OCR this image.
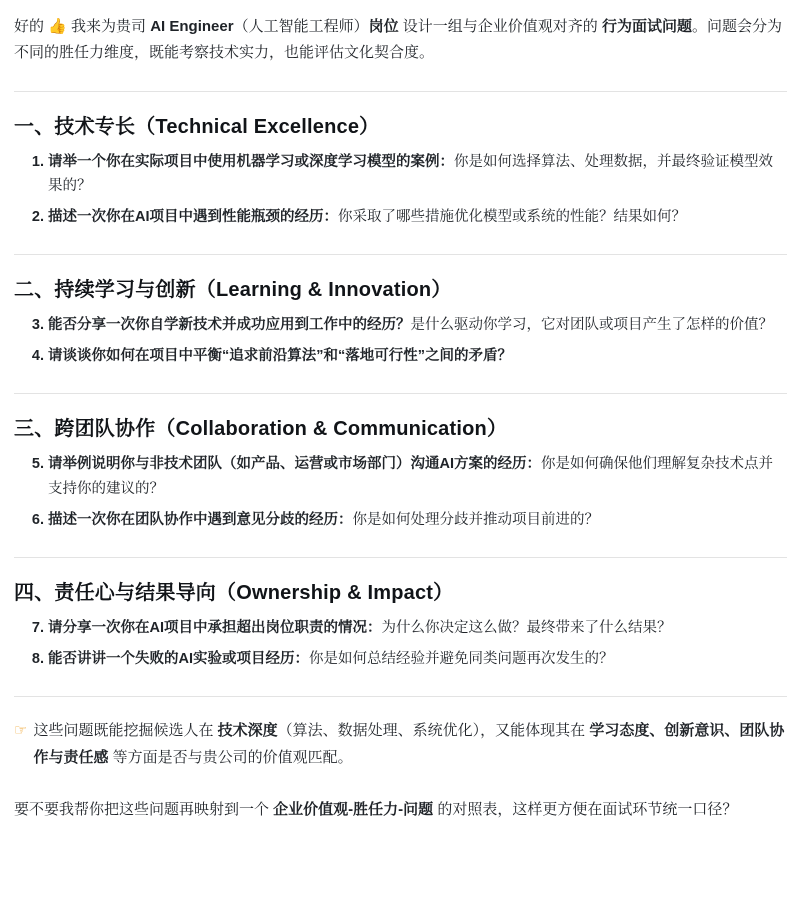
好的 👍 我来为贵司 AI Engineer（人工智能工程师）岗位 设计一组与企业价值观对齐的 行为面试问题。问题会分为不同的胜任力维度，既能考察技术实力，也能评估文化契合度。

一、技术专长（Technical Excellence）
1. 请举一个你在实际项目中使用机器学习或深度学习模型的案例：你是如何选择算法、处理数据，并最终验证模型效果的？
2. 描述一次你在AI项目中遇到性能瓶颈的经历：你采取了哪些措施优化模型或系统的性能？结果如何？
二、持续学习与创新（Learning & Innovation）
3. 能否分享一次你自学新技术并成功应用到工作中的经历？是什么驱动你学习，它对团队或项目产生了怎样的价值？
4. 请谈谈你如何在项目中平衡“追求前沿算法”和“落地可行性”之间的矛盾？
三、跨团队协作（Collaboration & Communication）
5. 请举例说明你与非技术团队（如产品、运营或市场部门）沟通AI方案的经历：你是如何确保他们理解复杂技术点并支持你的建议的？
6. 描述一次你在团队协作中遇到意见分歧的经历：你是如何处理分歧并推动项目前进的？
四、责任心与结果导向（Ownership & Impact）
7. 请分享一次你在AI项目中承担超出岗位职责的情况：为什么你决定这么做？最终带来了什么结果？
8. 能否讲讲一个失败的AI实验或项目经历：你是如何总结经验并避免同类问题再次发生的？

☞ 这些问题既能挖掘候选人在 技术深度（算法、数据处理、系统优化），又能体现其在 学习态度、创新意识、团队协作与责任感 等方面是否与贵公司的价值观匹配。

要不要我帮你把这些问题再映射到一个 企业价值观-胜任力-问题 的对照表，这样更方便在面试环节统一口径？
